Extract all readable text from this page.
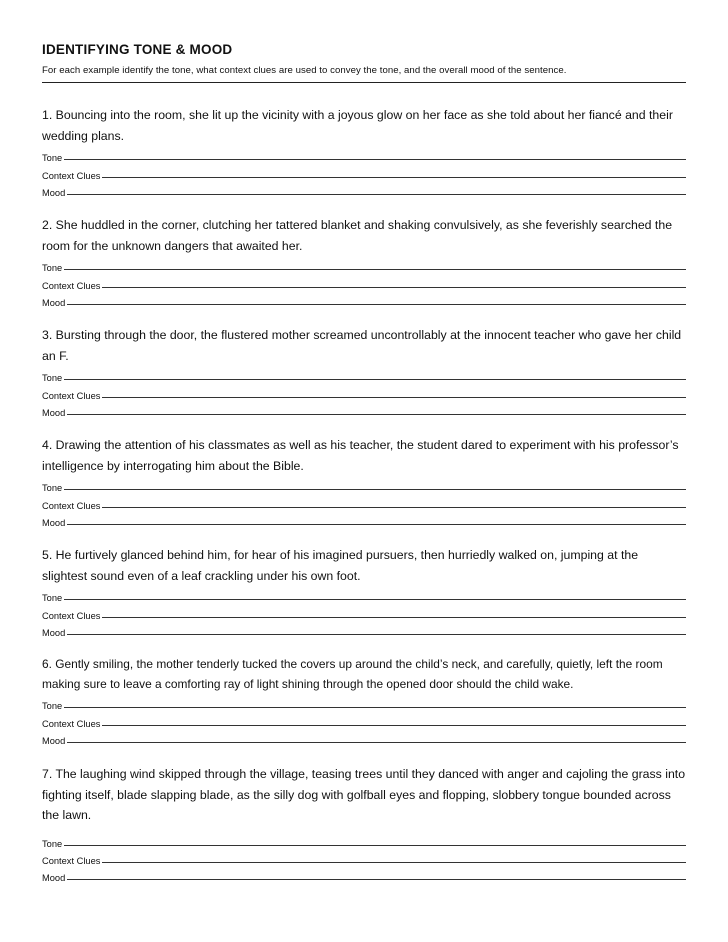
IDENTIFYING TONE & MOOD
For each example identify the tone, what context clues are used to convey the tone, and the overall mood of the sentence.

1. Bouncing into the room, she lit up the vicinity with a joyous glow on her face as she told about her fiancé and their wedding plans.

Tone
Context Clues
Mood

2. She huddled in the corner, clutching her tattered blanket and shaking convulsively, as she feverishly searched the room for the unknown dangers that awaited her.

Tone
Context Clues
Mood

3. Bursting through the door, the flustered mother screamed uncontrollably at the innocent teacher who gave her child an F.

Tone
Context Clues
Mood

4. Drawing the attention of his classmates as well as his teacher, the student dared to experiment with his professor’s intelligence by interrogating him about the Bible.

Tone
Context Clues
Mood

5. He furtively glanced behind him, for hear of his imagined pursuers, then hurriedly walked on, jumping at the slightest sound even of a leaf crackling under his own foot.

Tone
Context Clues
Mood

6. Gently smiling, the mother tenderly tucked the covers up around the child’s neck, and carefully, quietly, left the room making sure to leave a comforting ray of light shining through the opened door should the child wake.

Tone
Context Clues
Mood

7. The laughing wind skipped through the village, teasing trees until they danced with anger and cajoling the grass into fighting itself, blade slapping blade, as the silly dog with golfball eyes and flopping, slobbery tongue bounded across the lawn.

Tone
Context Clues
Mood
